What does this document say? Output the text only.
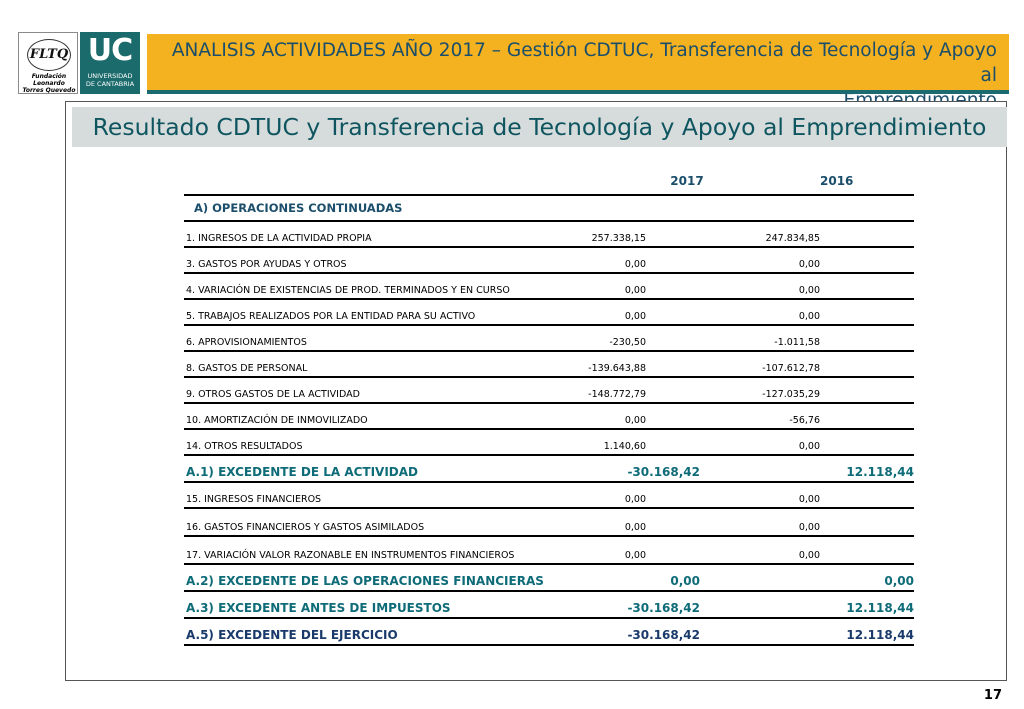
FLTQ
Fundación Leonardo
Torres Quevedo
UC
UNIVERSIDAD
DE CANTABRIA
ANALISIS ACTIVIDADES AÑO 2017 – Gestión CDTUC, Transferencia de Tecnología y Apoyo al

Resultado CDTUC y Transferencia de Tecnología y Apoyo al Emprendimiento
	2017		2016
A) OPERACIONES CONTINUADAS			
1. INGRESOS DE LA ACTIVIDAD PROPIA	257.338,15	247.834,85	
3. GASTOS POR AYUDAS Y OTROS	0,00	0,00	
4. VARIACIÓN DE EXISTENCIAS DE PROD. TERMINADOS Y EN CURSO	0,00	0,00	
5. TRABAJOS REALIZADOS POR LA ENTIDAD PARA SU ACTIVO	0,00	0,00	
6. APROVISIONAMIENTOS	-230,50	-1.011,58	
8. GASTOS DE PERSONAL	-139.643,88	-107.612,78	
9. OTROS GASTOS DE LA ACTIVIDAD	-148.772,79	-127.035,29	
10. AMORTIZACIÓN DE INMOVILIZADO	0,00	-56,76	
14. OTROS RESULTADOS	1.140,60	0,00	
A.1) EXCEDENTE DE LA ACTIVIDAD	-30.168,42		12.118,44
15. INGRESOS FINANCIEROS	0,00	0,00	
16. GASTOS FINANCIEROS Y GASTOS ASIMILADOS	0,00	0,00	
17. VARIACIÓN VALOR RAZONABLE EN INSTRUMENTOS FINANCIEROS	0,00	0,00	
A.2) EXCEDENTE DE LAS OPERACIONES FINANCIERAS	0,00		0,00
A.3) EXCEDENTE ANTES DE IMPUESTOS	-30.168,42		12.118,44
A.5) EXCEDENTE DEL EJERCICIO	-30.168,42		12.118,44
17
